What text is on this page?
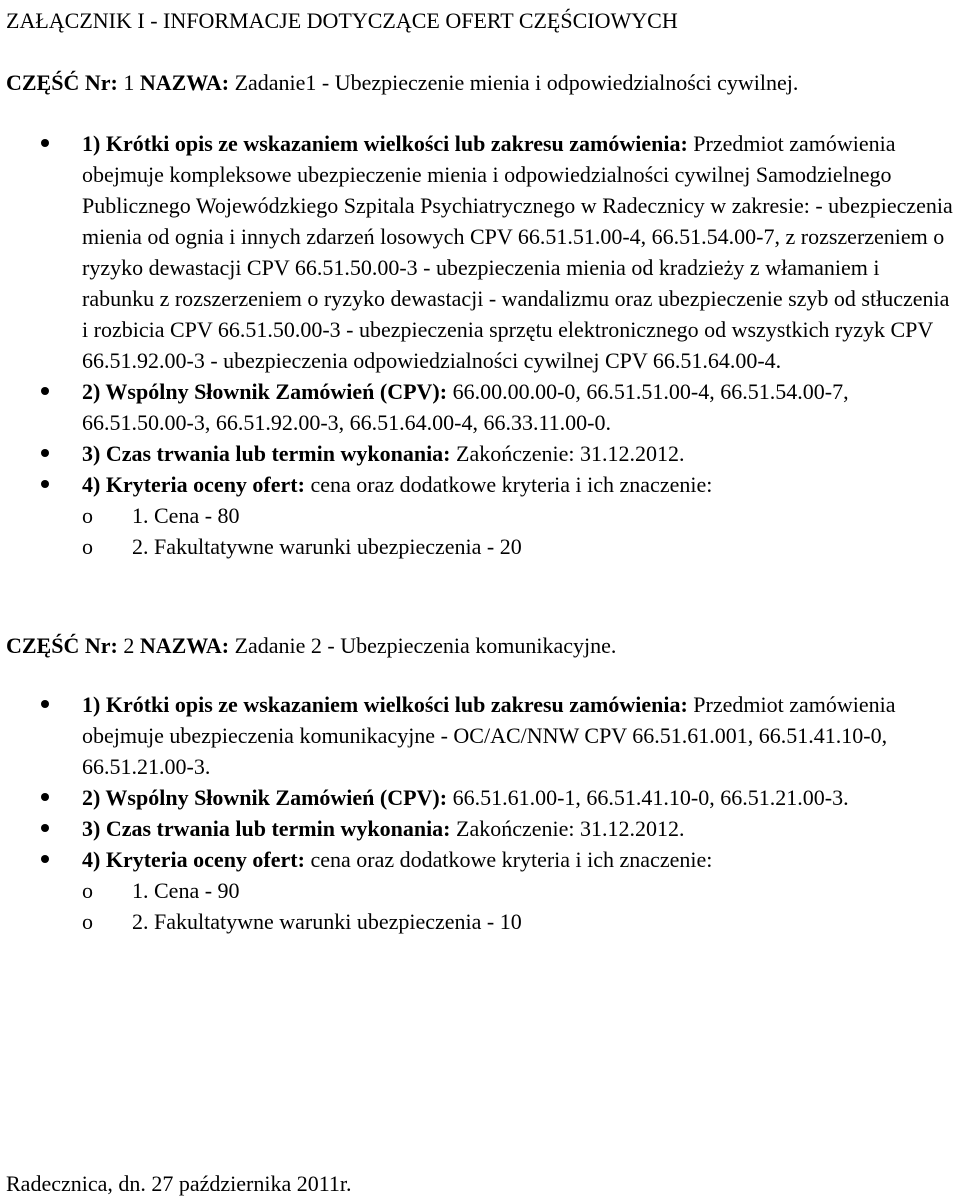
ZAŁĄCZNIK I - INFORMACJE DOTYCZĄCE OFERT CZĘŚCIOWYCH

CZĘŚĆ Nr: 1 NAZWA: Zadanie1 - Ubezpieczenie mienia i odpowiedzialności cywilnej.

1) Krótki opis ze wskazaniem wielkości lub zakresu zamówienia: Przedmiot zamówienia obejmuje kompleksowe ubezpieczenie mienia i odpowiedzialności cywilnej Samodzielnego Publicznego Wojewódzkiego Szpitala Psychiatrycznego w Radecznicy w zakresie: - ubezpieczenia mienia od ognia i innych zdarzeń losowych CPV 66.51.51.00-4, 66.51.54.00-7, z rozszerzeniem o ryzyko dewastacji CPV 66.51.50.00-3 - ubezpieczenia mienia od kradzieży z włamaniem i rabunku z rozszerzeniem o ryzyko dewastacji - wandalizmu oraz ubezpieczenie szyb od stłuczenia i rozbicia CPV 66.51.50.00-3 - ubezpieczenia sprzętu elektronicznego od wszystkich ryzyk CPV 66.51.92.00-3 - ubezpieczenia odpowiedzialności cywilnej CPV 66.51.64.00-4.
2) Wspólny Słownik Zamówień (CPV): 66.00.00.00-0, 66.51.51.00-4, 66.51.54.00-7, 66.51.50.00-3, 66.51.92.00-3, 66.51.64.00-4, 66.33.11.00-0.
3) Czas trwania lub termin wykonania: Zakończenie: 31.12.2012.
4) Kryteria oceny ofert: cena oraz dodatkowe kryteria i ich znaczenie:
o 1. Cena - 80
o 2. Fakultatywne warunki ubezpieczenia - 20

CZĘŚĆ Nr: 2 NAZWA: Zadanie 2 - Ubezpieczenia komunikacyjne.

1) Krótki opis ze wskazaniem wielkości lub zakresu zamówienia: Przedmiot zamówienia obejmuje ubezpieczenia komunikacyjne - OC/AC/NNW CPV 66.51.61.001, 66.51.41.10-0, 66.51.21.00-3.
2) Wspólny Słownik Zamówień (CPV): 66.51.61.00-1, 66.51.41.10-0, 66.51.21.00-3.
3) Czas trwania lub termin wykonania: Zakończenie: 31.12.2012.
4) Kryteria oceny ofert: cena oraz dodatkowe kryteria i ich znaczenie:
o 1. Cena - 90
o 2. Fakultatywne warunki ubezpieczenia - 10

Radecznica, dn. 27 października 2011r.
